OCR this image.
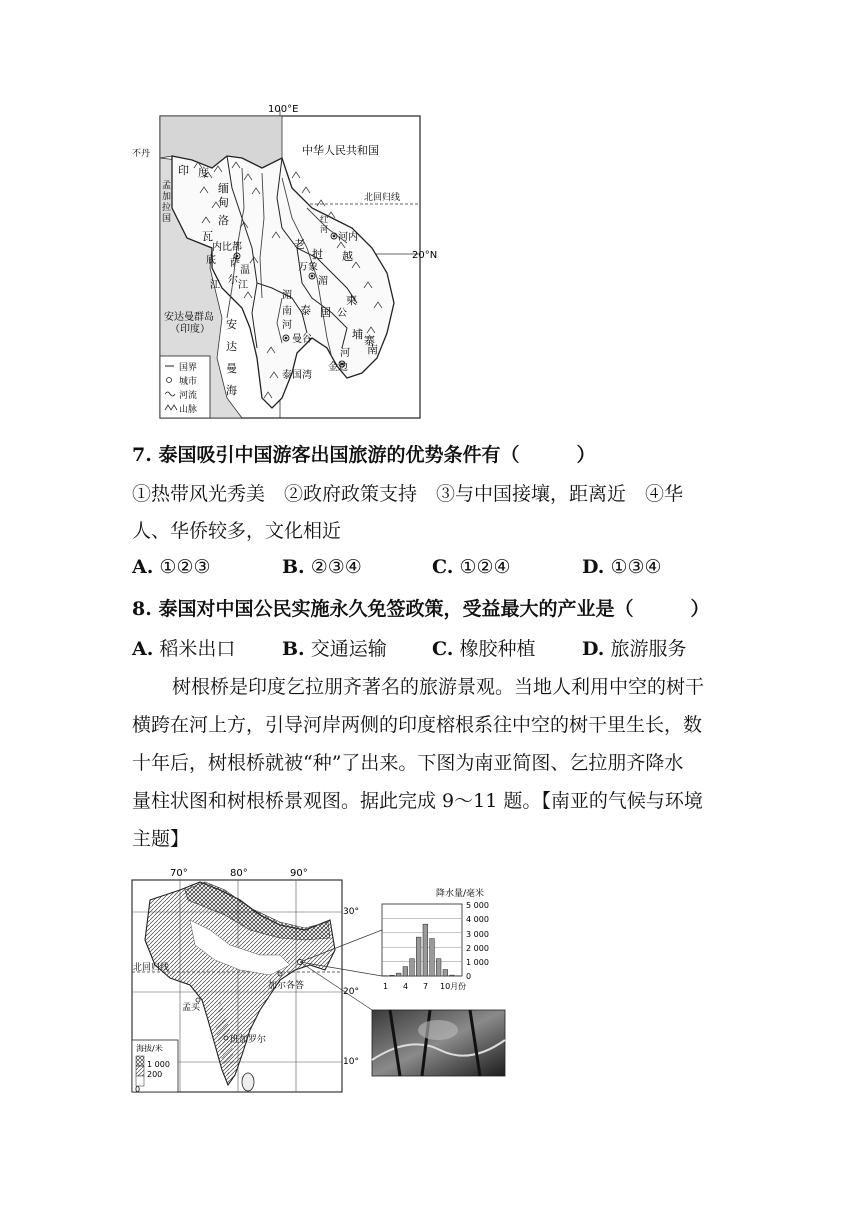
100°E
20°N
中华人民共和国
北回归线
不丹
孟
加
拉
国
印 度
缅
甸
洛
瓦
内比都
底
江
萨
尔
温
江
老
挝
河内
红
河
万象
越
南
湄
公
河
泰 国
湄
南
河
曼谷
柬
埔 寨
金边
安达曼群岛
（印度） 安
达
曼
海
泰国湾
国界
城市
河流
山脉
7. 泰国吸引中国游客出国旅游的优势条件有（　　　）
①热带风光秀美　②政府政策支持　③与中国接壤，距离近　④华
人、华侨较多，文化相近
A. ①②③	B. ②③④	C. ①②④	D. ①③④
8. 泰国对中国公民实施永久免签政策，受益最大的产业是（　　　）
A. 稻米出口 B. 交通运输 C. 橡胶种植 D. 旅游服务
树根桥是印度乞拉朋齐著名的旅游景观。当地人利用中空的树干
横跨在河上方，引导河岸两侧的印度榕根系往中空的树干里生长，数
十年后，树根桥就被“种”了出来。下图为南亚简图、乞拉朋齐降水
量柱状图和树根桥景观图。据此完成 9～11 题。【南亚的气候与环境
主题】
70°	80°	90°
30°
20°
10°
北回归线
孟买
加尔各答
班加罗尔
海拔/米
1 000
200
0
降水量/毫米
5 000
4 000
3 000
2 000
1 000
0
1 4 7 10月份
